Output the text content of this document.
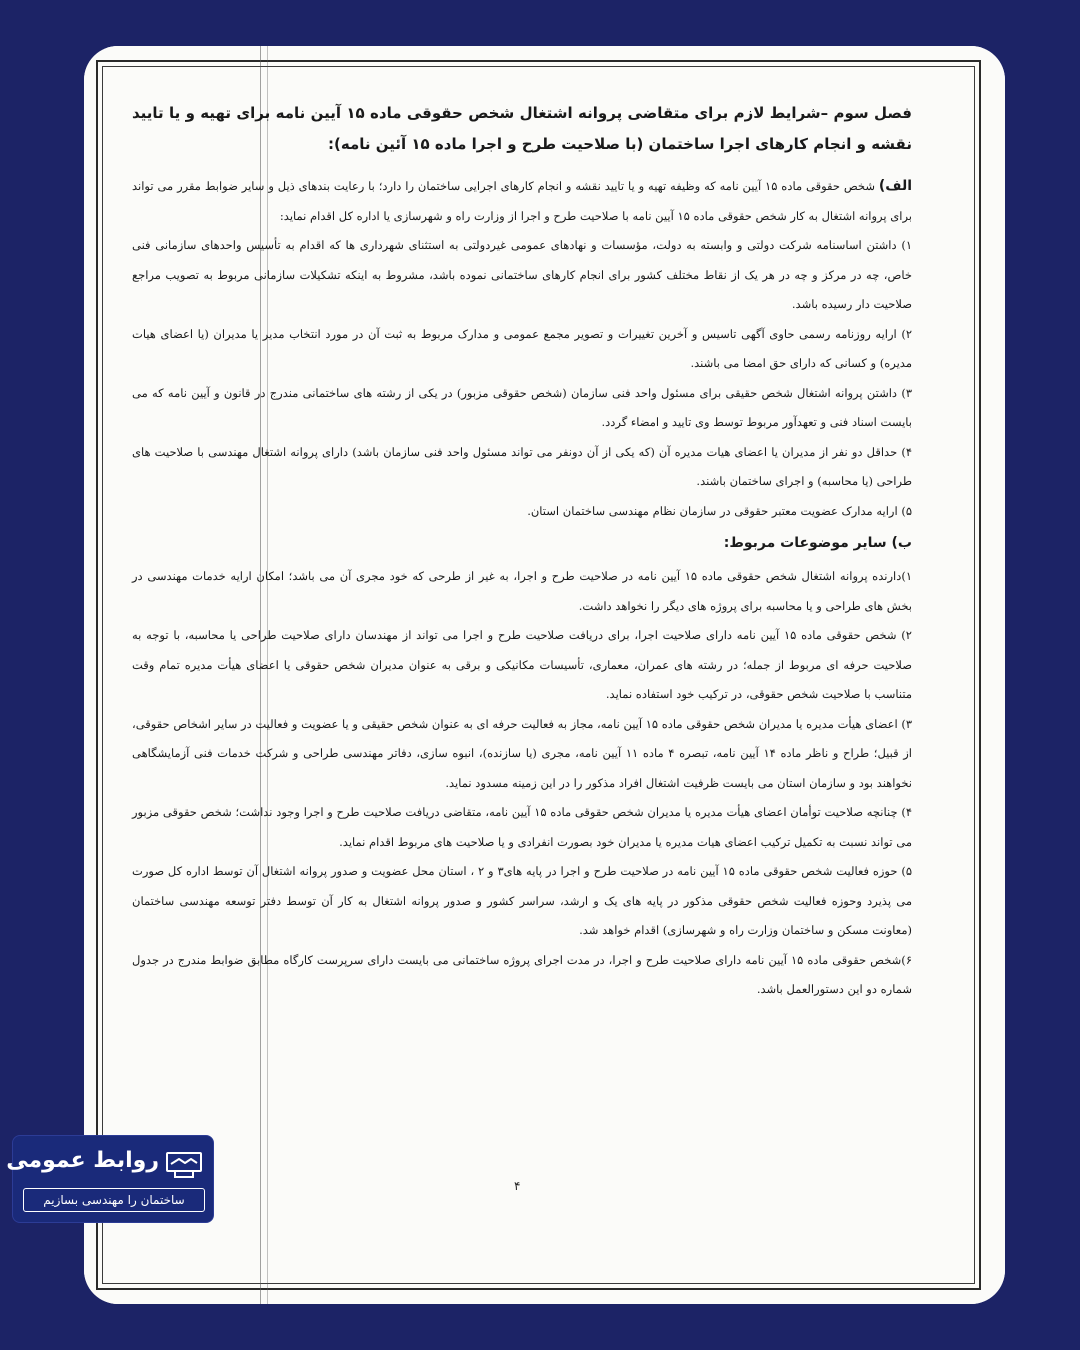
فصل سوم –شرایط لازم برای متقاضی پروانه اشتغال شخص حقوقی ماده ۱۵ آیین نامه برای تهیه و یا تایید نقشه و انجام کارهای اجرا ساختمان (با صلاحیت طرح و اجرا ماده ۱۵ آئین نامه):

الف) شخص حقوقی ماده ۱۵ آیین نامه که وظیفه تهیه و یا تایید نقشه و انجام کارهای اجرایی ساختمان را دارد؛ با رعایت بندهای ذیل و سایر ضوابط مقرر می تواند برای پروانه اشتغال به کار شخص حقوقی ماده ۱۵ آیین نامه با صلاحیت طرح و اجرا از وزارت راه و شهرسازی یا اداره کل اقدام نماید:

۱) داشتن اساسنامه شرکت دولتی و وابسته به دولت، مؤسسات و نهادهای عمومی غیردولتی به استثنای شهرداری ها که اقدام به تأسیس واحدهای سازمانی فنی خاص، چه در مرکز و چه در هر یک از نقاط مختلف کشور برای انجام کارهای ساختمانی نموده باشد، مشروط به اینکه تشکیلات سازمانی مربوط به تصویب مراجع صلاحیت دار رسیده باشد.

۲) ارایه روزنامه رسمی حاوی آگهی تاسیس و آخرین تغییرات و تصویر مجمع عمومی و مدارک مربوط به ثبت آن در مورد انتخاب مدیر یا مدیران (یا اعضای هیات مدیره) و کسانی که دارای حق امضا می باشند.

۳) داشتن پروانه اشتغال شخص حقیقی برای مسئول واحد فنی سازمان (شخص حقوقی مزبور) در یکی از رشته های ساختمانی مندرج در قانون و آیین نامه که می بایست اسناد فنی و تعهدآور مربوط توسط وی تایید و امضاء گردد.

۴) حداقل دو نفر از مدیران یا اعضای هیات مدیره آن (که یکی از آن دونفر می تواند مسئول واحد فنی سازمان باشد) دارای پروانه اشتغال مهندسی با صلاحیت های طراحی (یا محاسبه) و اجرای ساختمان باشند.

۵) ارایه مدارک عضویت معتبر حقوقی در سازمان نظام مهندسی ساختمان استان.

ب) سایر موضوعات مربوط:

۱)دارنده پروانه اشتغال شخص حقوقی ماده ۱۵ آیین نامه در صلاحیت طرح و اجرا، به غیر از طرحی که خود مجری آن می باشد؛ امکان ارایه خدمات مهندسی در بخش های طراحی و یا محاسبه برای پروژه های دیگر را نخواهد داشت.

۲) شخص حقوقی ماده ۱۵ آیین نامه دارای صلاحیت اجرا، برای دریافت صلاحیت طرح و اجرا می تواند از مهندسان دارای صلاحیت طراحی یا محاسبه، با توجه به صلاحیت حرفه ای مربوط از جمله؛ در رشته های عمران، معماری، تأسیسات مکانیکی و برقی به عنوان مدیران شخص حقوقی یا اعضای هیأت مدیره تمام وقت متناسب با صلاحیت شخص حقوقی، در ترکیب خود استفاده نماید.

۳) اعضای هیأت مدیره یا مدیران شخص حقوقی ماده ۱۵ آیین نامه، مجاز به فعالیت حرفه ای به عنوان شخص حقیقی و یا عضویت و فعالیت در سایر اشخاص حقوقی، از قبیل؛ طراح و ناظر ماده ۱۴ آیین نامه، تبصره ۴ ماده ۱۱ آیین نامه، مجری (یا سازنده)، انبوه سازی، دفاتر مهندسی طراحی و شرکت خدمات فنی آزمایشگاهی نخواهند بود و سازمان استان می بایست ظرفیت اشتغال افراد مذکور را در این زمینه مسدود نماید.

۴) چنانچه صلاحیت توأمان اعضای هیأت مدیره یا مدیران شخص حقوقی ماده ۱۵ آیین نامه، متقاضی دریافت صلاحیت طرح و اجرا وجود نداشت؛ شخص حقوقی مزبور می تواند نسبت به تکمیل ترکیب اعضای هیات مدیره یا مدیران خود بصورت انفرادی و یا صلاحیت های مربوط اقدام نماید.

۵) حوزه فعالیت شخص حقوقی ماده ۱۵ آیین نامه در صلاحیت طرح و اجرا در پایه های۳ و ۲ ، استان محل عضویت و صدور پروانه اشتغال آن توسط اداره کل صورت می پذیرد وحوزه فعالیت شخص حقوقی مذکور در پایه های یک و ارشد، سراسر کشور و صدور پروانه اشتغال به کار آن توسط دفتر توسعه مهندسی ساختمان (معاونت مسکن و ساختمان وزارت راه و شهرسازی) اقدام خواهد شد.

۶)شخص حقوقی ماده ۱۵ آیین نامه دارای صلاحیت طرح و اجرا، در مدت اجرای پروژه ساختمانی می بایست دارای سرپرست کارگاه مطابق ضوابط مندرج در جدول شماره دو این دستورالعمل باشد.

۴
روابط عمومی
ساختمان را مهندسی بسازیم
